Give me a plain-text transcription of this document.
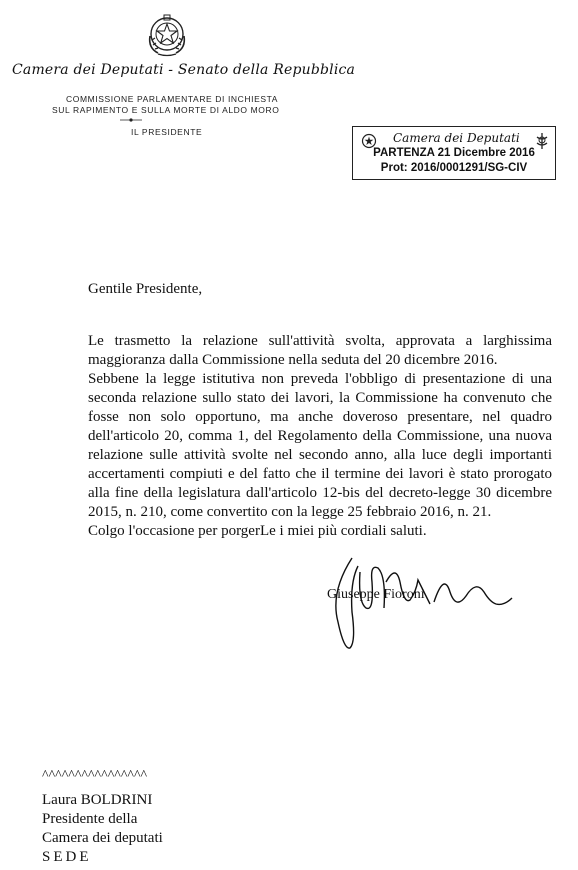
Camera dei Deputati - Senato della Repubblica
COMMISSIONE PARLAMENTARE DI INCHIESTA
SUL RAPIMENTO E SULLA MORTE DI ALDO MORO
IL PRESIDENTE	Camera dei Deputati
PARTENZA 21 Dicembre 2016
Prot: 2016/0001291/SG-CIV
Gentile Presidente,

Le trasmetto la relazione sull'attività svolta, approvata a larghissima maggioranza dalla Commissione nella seduta del 20 dicembre 2016.

Sebbene la legge istitutiva non preveda l'obbligo di presentazione di una seconda relazione sullo stato dei lavori, la Commissione ha convenuto che fosse non solo opportuno, ma anche doveroso presentare, nel quadro dell'articolo 20, comma 1, del Regolamento della Commissione, una nuova relazione sulle attività svolte nel secondo anno, alla luce degli importanti accertamenti compiuti e del fatto che il termine dei lavori è stato prorogato alla fine della legislatura dall'articolo 12-bis del decreto-legge 30 dicembre 2015, n. 210, come convertito con la legge 25 febbraio 2016, n. 21.

Colgo l'occasione per porgerLe i miei più cordiali saluti.

Giuseppe Fioroni
^^^^^^^^^^^^^^^^
Laura BOLDRINI
Presidente della
Camera dei deputati
SEDE
